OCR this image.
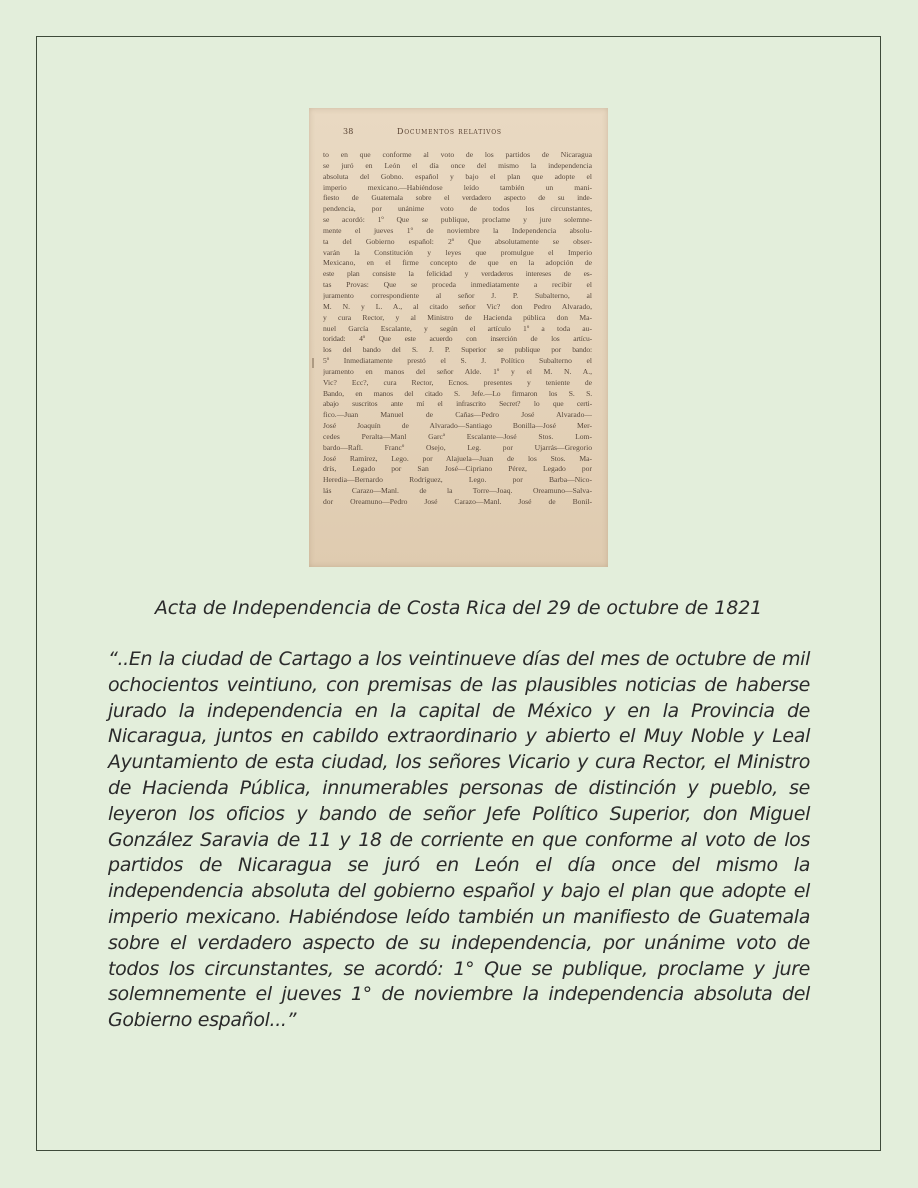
38	Documentos relativos
to en que conforme al voto de los partidos de Nicaragua
se juró en León el día once del mismo la independencia
absoluta del Gobno. español y bajo el plan que adopte el
imperio mexicano.—Habiéndose leído también un mani-
fiesto de Guatemala sobre el verdadero aspecto de su inde-
pendencia, por unánime voto de todos los circunstantes,
se acordó: 1º Que se publique, proclame y jure solemne-
mente el jueves 1º de noviembre la Independencia absolu-
ta del Gobierno español: 2º Que absolutamente se obser-
varán la Constitución y leyes que promulgue el Imperio
Mexicano, en el firme concepto de que en la adopción de
este plan consiste la felicidad y verdaderos intereses de es-
tas Provas: Que se proceda inmediatamente a recibir el
juramento correspondiente al señor J. P. Subalterno, al
M. N. y L. A., al citado señor Vic? don Pedro Alvarado,
y cura Rector, y al Ministro de Hacienda pública don Ma-
nuel García Escalante, y según el artículo 1º a toda au-
toridad: 4º Que este acuerdo con inserción de los artícu-
los del bando del S. J. P. Superior se publique por bando:
5º Inmediatamente prestó el S. J. Político Subalterno el
juramento en manos del señor Alde. 1º y el M. N. A.,
Vic? Ecc?, cura Rector, Ecnos. presentes y teniente de
Bando, en manos del citado S. Jefe.—Lo firmaron los S. S.
abajo suscritos ante mí el infrascrito Secret? lo que certi-
fico.—Juan Manuel de Cañas—Pedro José Alvarado—
José Joaquín de Alvarado—Santiago Bonilla—José Mer-
cedes Peralta—Manl Garcª Escalante—José Stos. Lom-
bardo—Rafl. Francº Osejo, Leg. por Ujarrás—Gregorio
José Ramírez, Lego. por Alajuela—Juan de los Stos. Ma-
drís, Legado por San José—Cipriano Pérez, Legado por
Heredia—Bernardo Rodríguez, Lego. por Barba—Nico-
lás Carazo—Manl. de la Torre—Joaq. Oreamuno—Salva-
dor Oreamuno—Pedro José Carazo—Manl. José de Bonil-
Acta de Independencia de Costa Rica del 29 de octubre de 1821
“..En la ciudad de Cartago a los veintinueve días del mes de octubre de mil ochocientos veintiuno, con premisas de las plausibles noticias de haberse jurado la independencia en la capital de México y en la Provincia de Nicaragua, juntos en cabildo extraordinario y abierto el Muy Noble y Leal Ayuntamiento de esta ciudad, los señores Vicario y cura Rector, el Ministro de Hacienda Pública, innumerables personas de distinción y pueblo, se leyeron los oficios y bando de señor Jefe Político Superior, don Miguel González Saravia de 11 y 18 de corriente en que conforme al voto de los partidos de Nicaragua se juró en León el día once del mismo la independencia absoluta del gobierno español y bajo el plan que adopte el imperio mexicano. Habiéndose leído también un manifiesto de Guatemala sobre el verdadero aspecto de su independencia, por unánime voto de todos los circunstantes, se acordó: 1° Que se publique, proclame y jure solemnemente el jueves 1° de noviembre la independencia absoluta del Gobierno español...”
